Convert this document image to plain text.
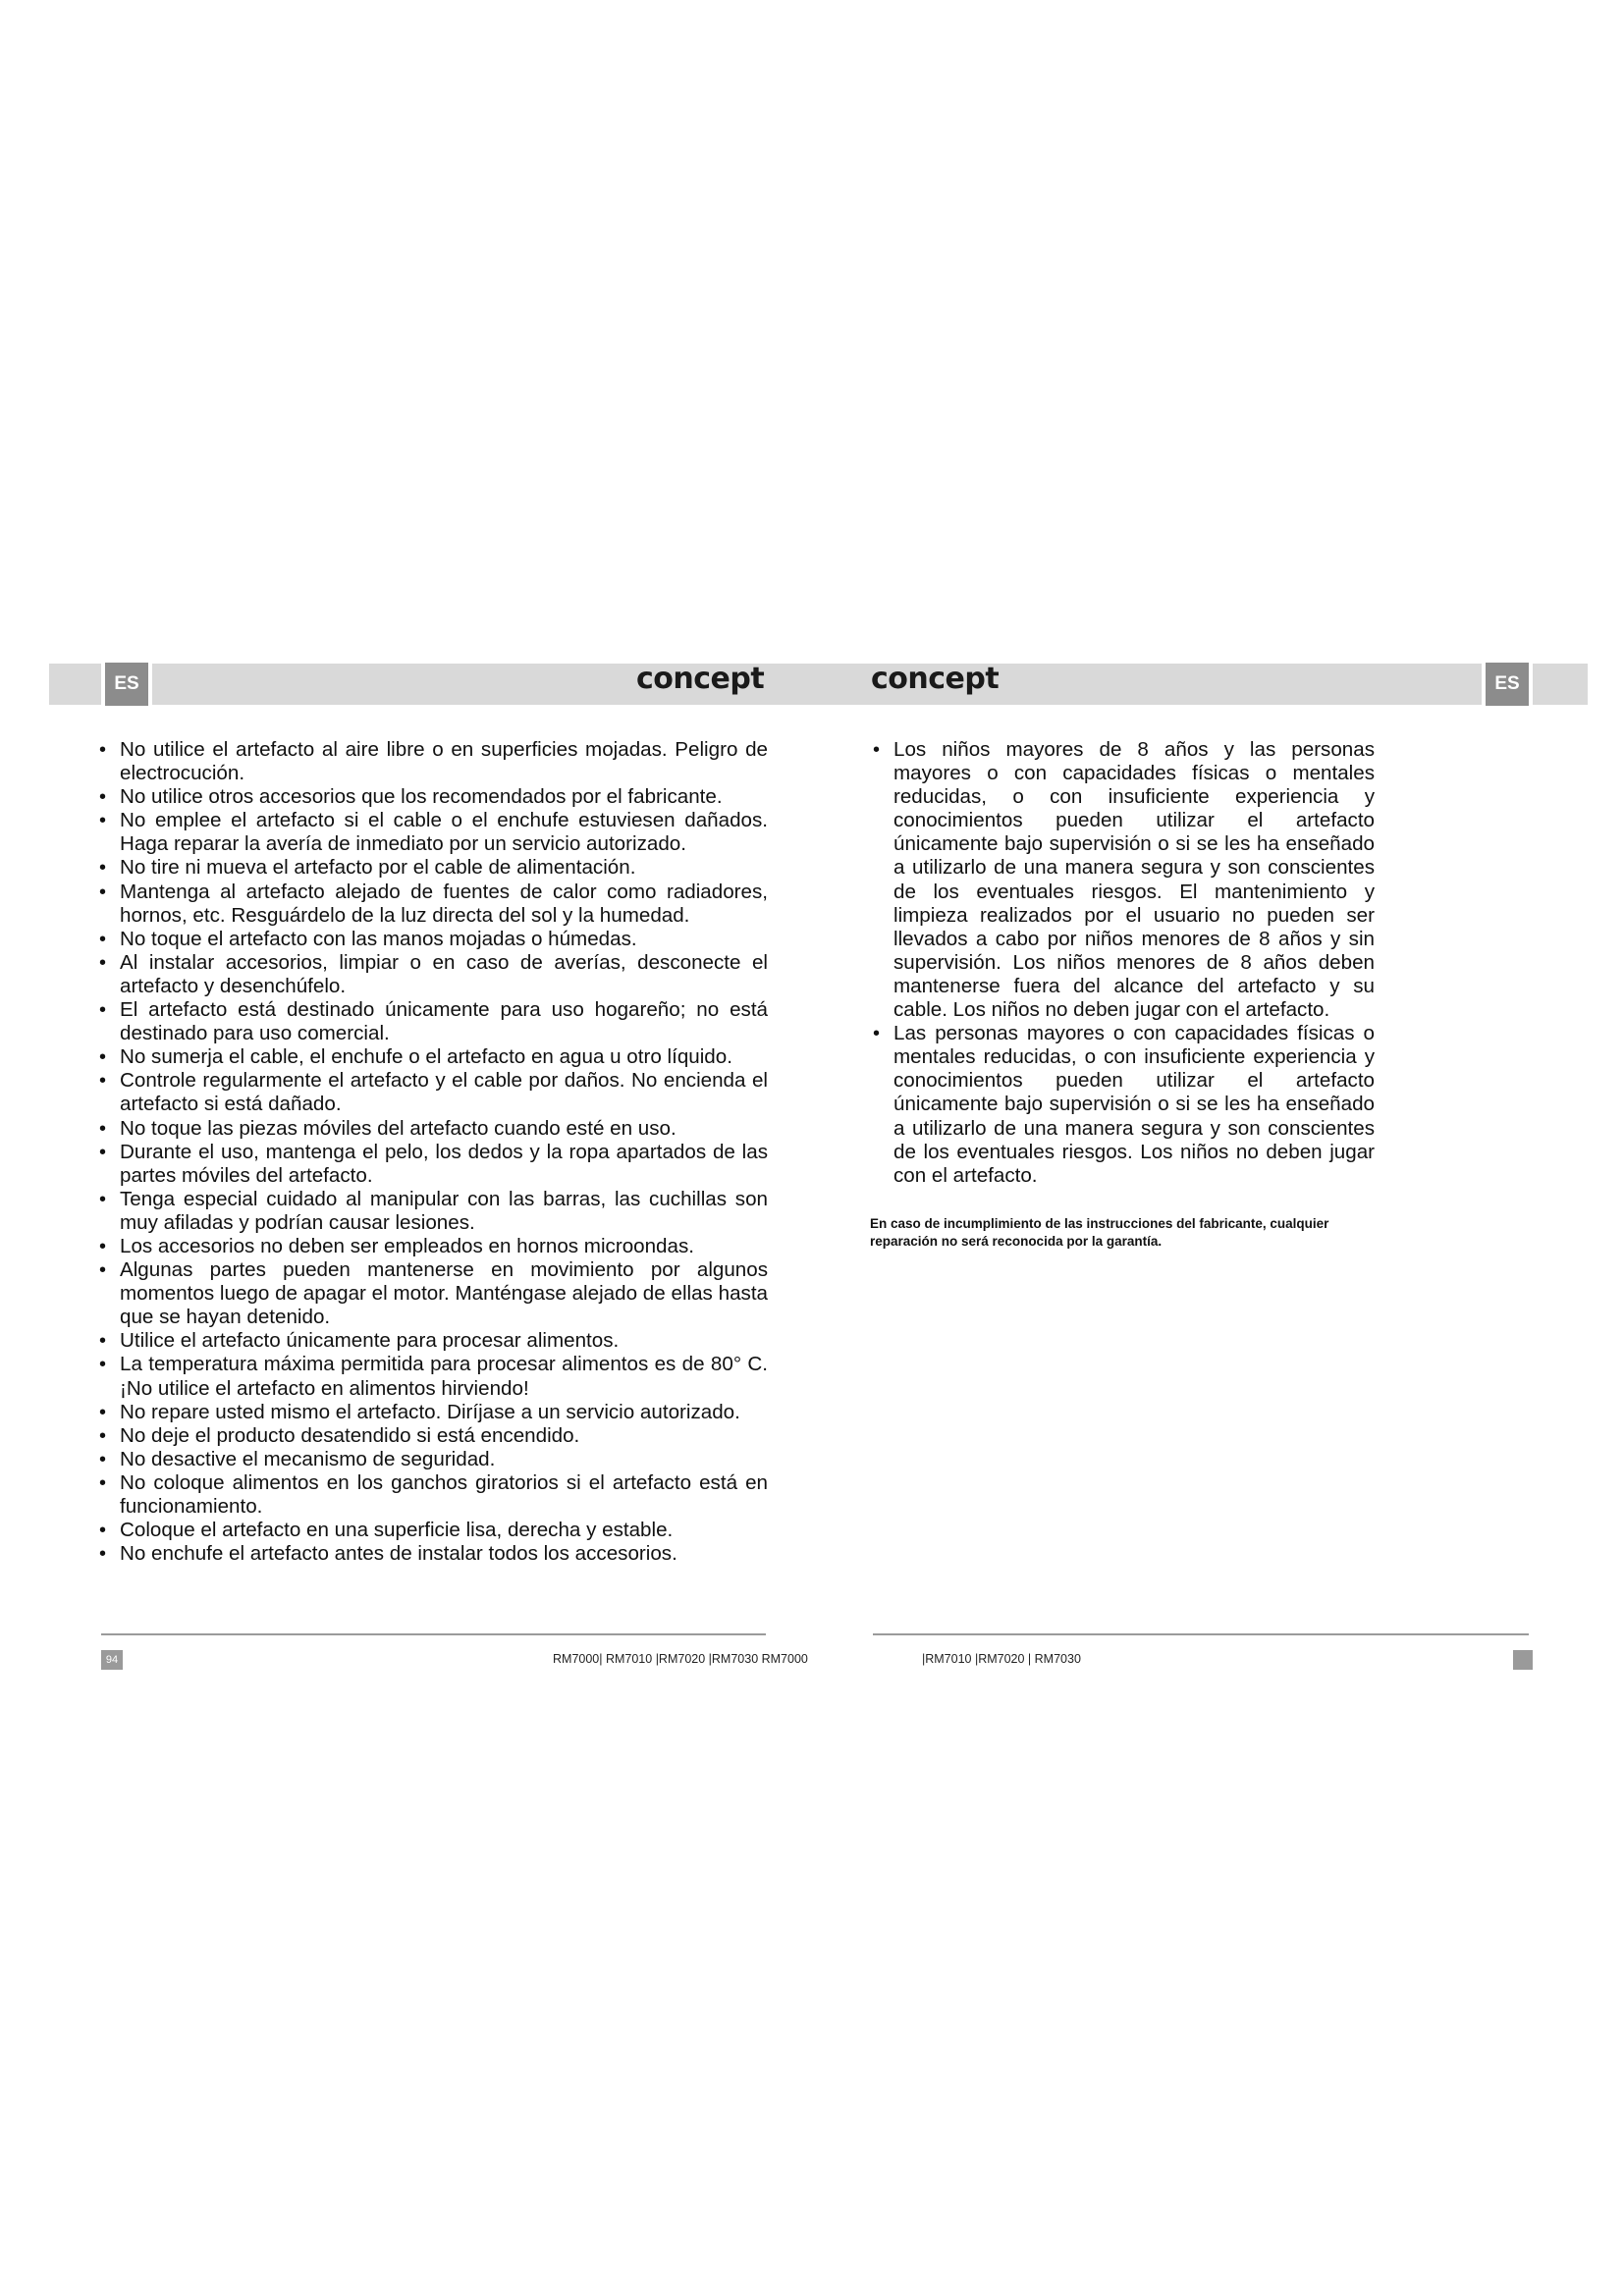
ES	concept
• No utilice el artefacto al aire libre o en superficies mojadas. Peligro de electrocución.
• No utilice otros accesorios que los recomendados por el fabricante.
• No emplee el artefacto si el cable o el enchufe estuviesen dañados. Haga reparar la avería de inmediato por un servicio autorizado.
• No tire ni mueva el artefacto por el cable de alimentación.
• Mantenga al artefacto alejado de fuentes de calor como radiadores, hornos, etc. Resguárdelo de la luz directa del sol y la humedad.
• No toque el artefacto con las manos mojadas o húmedas.
• Al instalar accesorios, limpiar o en caso de averías, desconecte el artefacto y desenchúfelo.
• El artefacto está destinado únicamente para uso hogareño; no está destinado para uso comercial.
• No sumerja el cable, el enchufe o el artefacto en agua u otro líquido.
• Controle regularmente el artefacto y el cable por daños. No encienda el artefacto si está dañado.
• No toque las piezas móviles del artefacto cuando esté en uso.
• Durante el uso, mantenga el pelo, los dedos y la ropa apartados de las partes móviles del artefacto.
• Tenga especial cuidado al manipular con las barras, las cuchillas son muy afiladas y podrían causar lesiones.
• Los accesorios no deben ser empleados en hornos microondas.
• Algunas partes pueden mantenerse en movimiento por algunos momentos luego de apagar el motor. Manténgase alejado de ellas hasta que se hayan detenido.
• Utilice el artefacto únicamente para procesar alimentos.
• La temperatura máxima permitida para procesar alimentos es de 80° C. ¡No utilice el artefacto en alimentos hirviendo!
• No repare usted mismo el artefacto. Diríjase a un servicio autorizado.
• No deje el producto desatendido si está encendido.
• No desactive el mecanismo de seguridad.
• No coloque alimentos en los ganchos giratorios si el artefacto está en funcionamiento.
• Coloque el artefacto en una superficie lisa, derecha y estable.
• No enchufe el artefacto antes de instalar todos los accesorios.
94	RM7000| RM7010 |RM7020 |RM7030 RM7000
concept	ES
• Los niños mayores de 8 años y las personas mayores o con capacidades físicas o mentales reducidas, o con insuficiente experiencia y conocimientos pueden utilizar el artefacto únicamente bajo supervisión o si se les ha enseñado a utilizarlo de una manera segura y son conscientes de los eventuales riesgos. El mantenimiento y limpieza realizados por el usuario no pueden ser llevados a cabo por niños menores de 8 años y sin supervisión. Los niños menores de 8 años deben mantenerse fuera del alcance del artefacto y su cable. Los niños no deben jugar con el artefacto.
• Las personas mayores o con capacidades físicas o mentales reducidas, o con insuficiente experiencia y conocimientos pueden utilizar el artefacto únicamente bajo supervisión o si se les ha enseñado a utilizarlo de una manera segura y son conscientes de los eventuales riesgos. Los niños no deben jugar con el artefacto.

En caso de incumplimiento de las instrucciones del fabricante, cualquier reparación no será reconocida por la garantía.

|RM7010 |RM7020 | RM7030
